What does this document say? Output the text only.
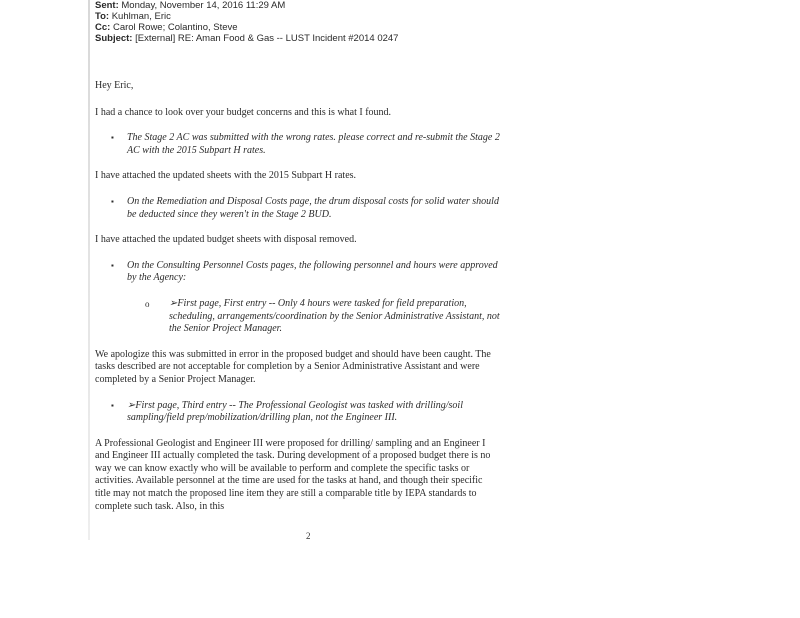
Sent: Monday, November 14, 2016 11:29 AM
To: Kuhlman, Eric
Cc: Carol Rowe; Colantino, Steve
Subject: [External] RE: Aman Food & Gas -- LUST Incident #2014 0247

Hey Eric,

I had a chance to look over your budget concerns and this is what I found.

▪ The Stage 2 AC was submitted with the wrong rates. please correct and re-submit the Stage 2 AC with the 2015 Subpart H rates.

I have attached the updated sheets with the 2015 Subpart H rates.

▪ On the Remediation and Disposal Costs page, the drum disposal costs for solid water should be deducted since they weren't in the Stage 2 BUD.

I have attached the updated budget sheets with disposal removed.

▪ On the Consulting Personnel Costs pages, the following personnel and hours were approved by the Agency:

o ➢First page, First entry -- Only 4 hours were tasked for field preparation, scheduling, arrangements/coordination by the Senior Administrative Assistant, not the Senior Project Manager.

We apologize this was submitted in error in the proposed budget and should have been caught. The tasks described are not acceptable for completion by a Senior Administrative Assistant and were completed by a Senior Project Manager.

▪ ➢First page, Third entry -- The Professional Geologist was tasked with drilling/soil sampling/field prep/mobilization/drilling plan, not the Engineer III.

A Professional Geologist and Engineer III were proposed for drilling/ sampling and an Engineer I and Engineer III actually completed the task. During development of a proposed budget there is no way we can know exactly who will be available to perform and complete the specific tasks or activities. Available personnel at the time are used for the tasks at hand, and though their specific title may not match the proposed line item they are still a comparable title by IEPA standards to complete such task. Also, in this

2
